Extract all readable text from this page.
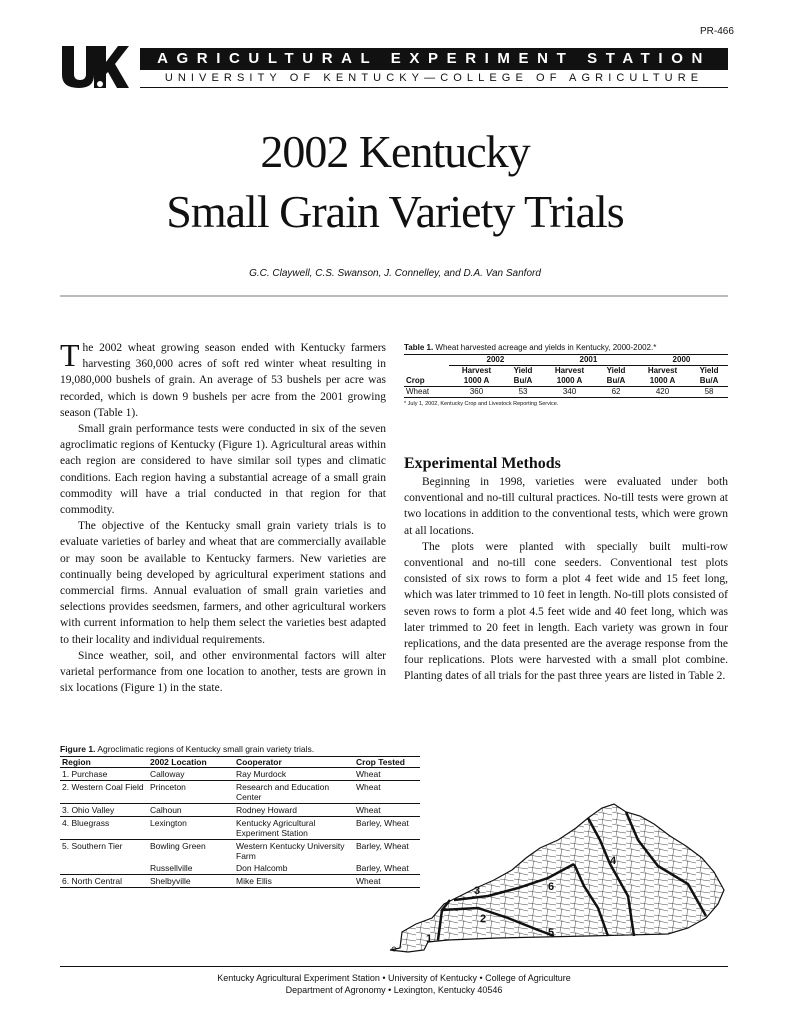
PR-466
AGRICULTURAL EXPERIMENT STATION
UNIVERSITY OF KENTUCKY—COLLEGE OF AGRICULTURE
2002 Kentucky
Small Grain Variety Trials
G.C. Claywell, C.S. Swanson, J. Connelley, and D.A. Van Sanford

The 2002 wheat growing season ended with Kentucky farmers harvesting 360,000 acres of soft red winter wheat resulting in 19,080,000 bushels of grain. An average of 53 bushels per acre was recorded, which is down 9 bushels per acre from the 2001 growing season (Table 1).

Small grain performance tests were conducted in six of the seven agroclimatic regions of Kentucky (Figure 1). Agricultural areas within each region are considered to have similar soil types and climatic conditions. Each region having a substantial acreage of a small grain commodity will have a trial conducted in that region for that commodity.

The objective of the Kentucky small grain variety trials is to evaluate varieties of barley and wheat that are commercially available or may soon be available to Kentucky farmers. New varieties are continually being developed by agricultural experiment stations and commercial firms. Annual evaluation of small grain varieties and selections provides seedsmen, farmers, and other agricultural workers with current information to help them select the varieties best adapted to their locality and individual requirements.

Since weather, soil, and other environmental factors will alter varietal performance from one location to another, tests are grown in six locations (Figure 1) in the state.

Table 1. Wheat harvested acreage and yields in Kentucky, 2000-2002.*
	2002		2001		2000	
	Harvest	Yield	Harvest	Yield	Harvest	Yield
Crop	1000 A	Bu/A	1000 A	Bu/A	1000 A	Bu/A
Wheat	360	53	340	62	420	58
* July 1, 2002, Kentucky Crop and Livestock Reporting Service.
Experimental Methods

Beginning in 1998, varieties were evaluated under both conventional and no-till cultural practices. No-till tests were grown at two locations in addition to the conventional tests, which were grown at all locations.

The plots were planted with specially built multi-row conventional and no-till cone seeders. Conventional test plots consisted of six rows to form a plot 4 feet wide and 15 feet long, which was later trimmed to 10 feet in length. No-till plots consisted of seven rows to form a plot 4.5 feet wide and 40 feet long, which was later trimmed to 20 feet in length. Each variety was grown in four replications, and the data presented are the average response from the four replications. Plots were harvested with a small plot combine. Planting dates of all trials for the past three years are listed in Table 2.

Figure 1. Agroclimatic regions of Kentucky small grain variety trials.
Region	2002 Location	Cooperator	Crop Tested
1. Purchase	Calloway	Ray Murdock	Wheat
2. Western Coal Field	Princeton	Research and Education Center	Wheat
3. Ohio Valley	Calhoun	Rodney Howard	Wheat
4. Bluegrass	Lexington	Kentucky Agricultural Experiment Station	Barley, Wheat
5. Southern Tier	Bowling Green	Western Kentucky University Farm	Barley, Wheat
	Russellville	Don Halcomb	Barley, Wheat
6. North Central	Shelbyville	Mike Ellis	Wheat
1
2
3
4
5
6
Kentucky Agricultural Experiment Station • University of Kentucky • College of Agriculture
Department of Agronomy • Lexington, Kentucky 40546
